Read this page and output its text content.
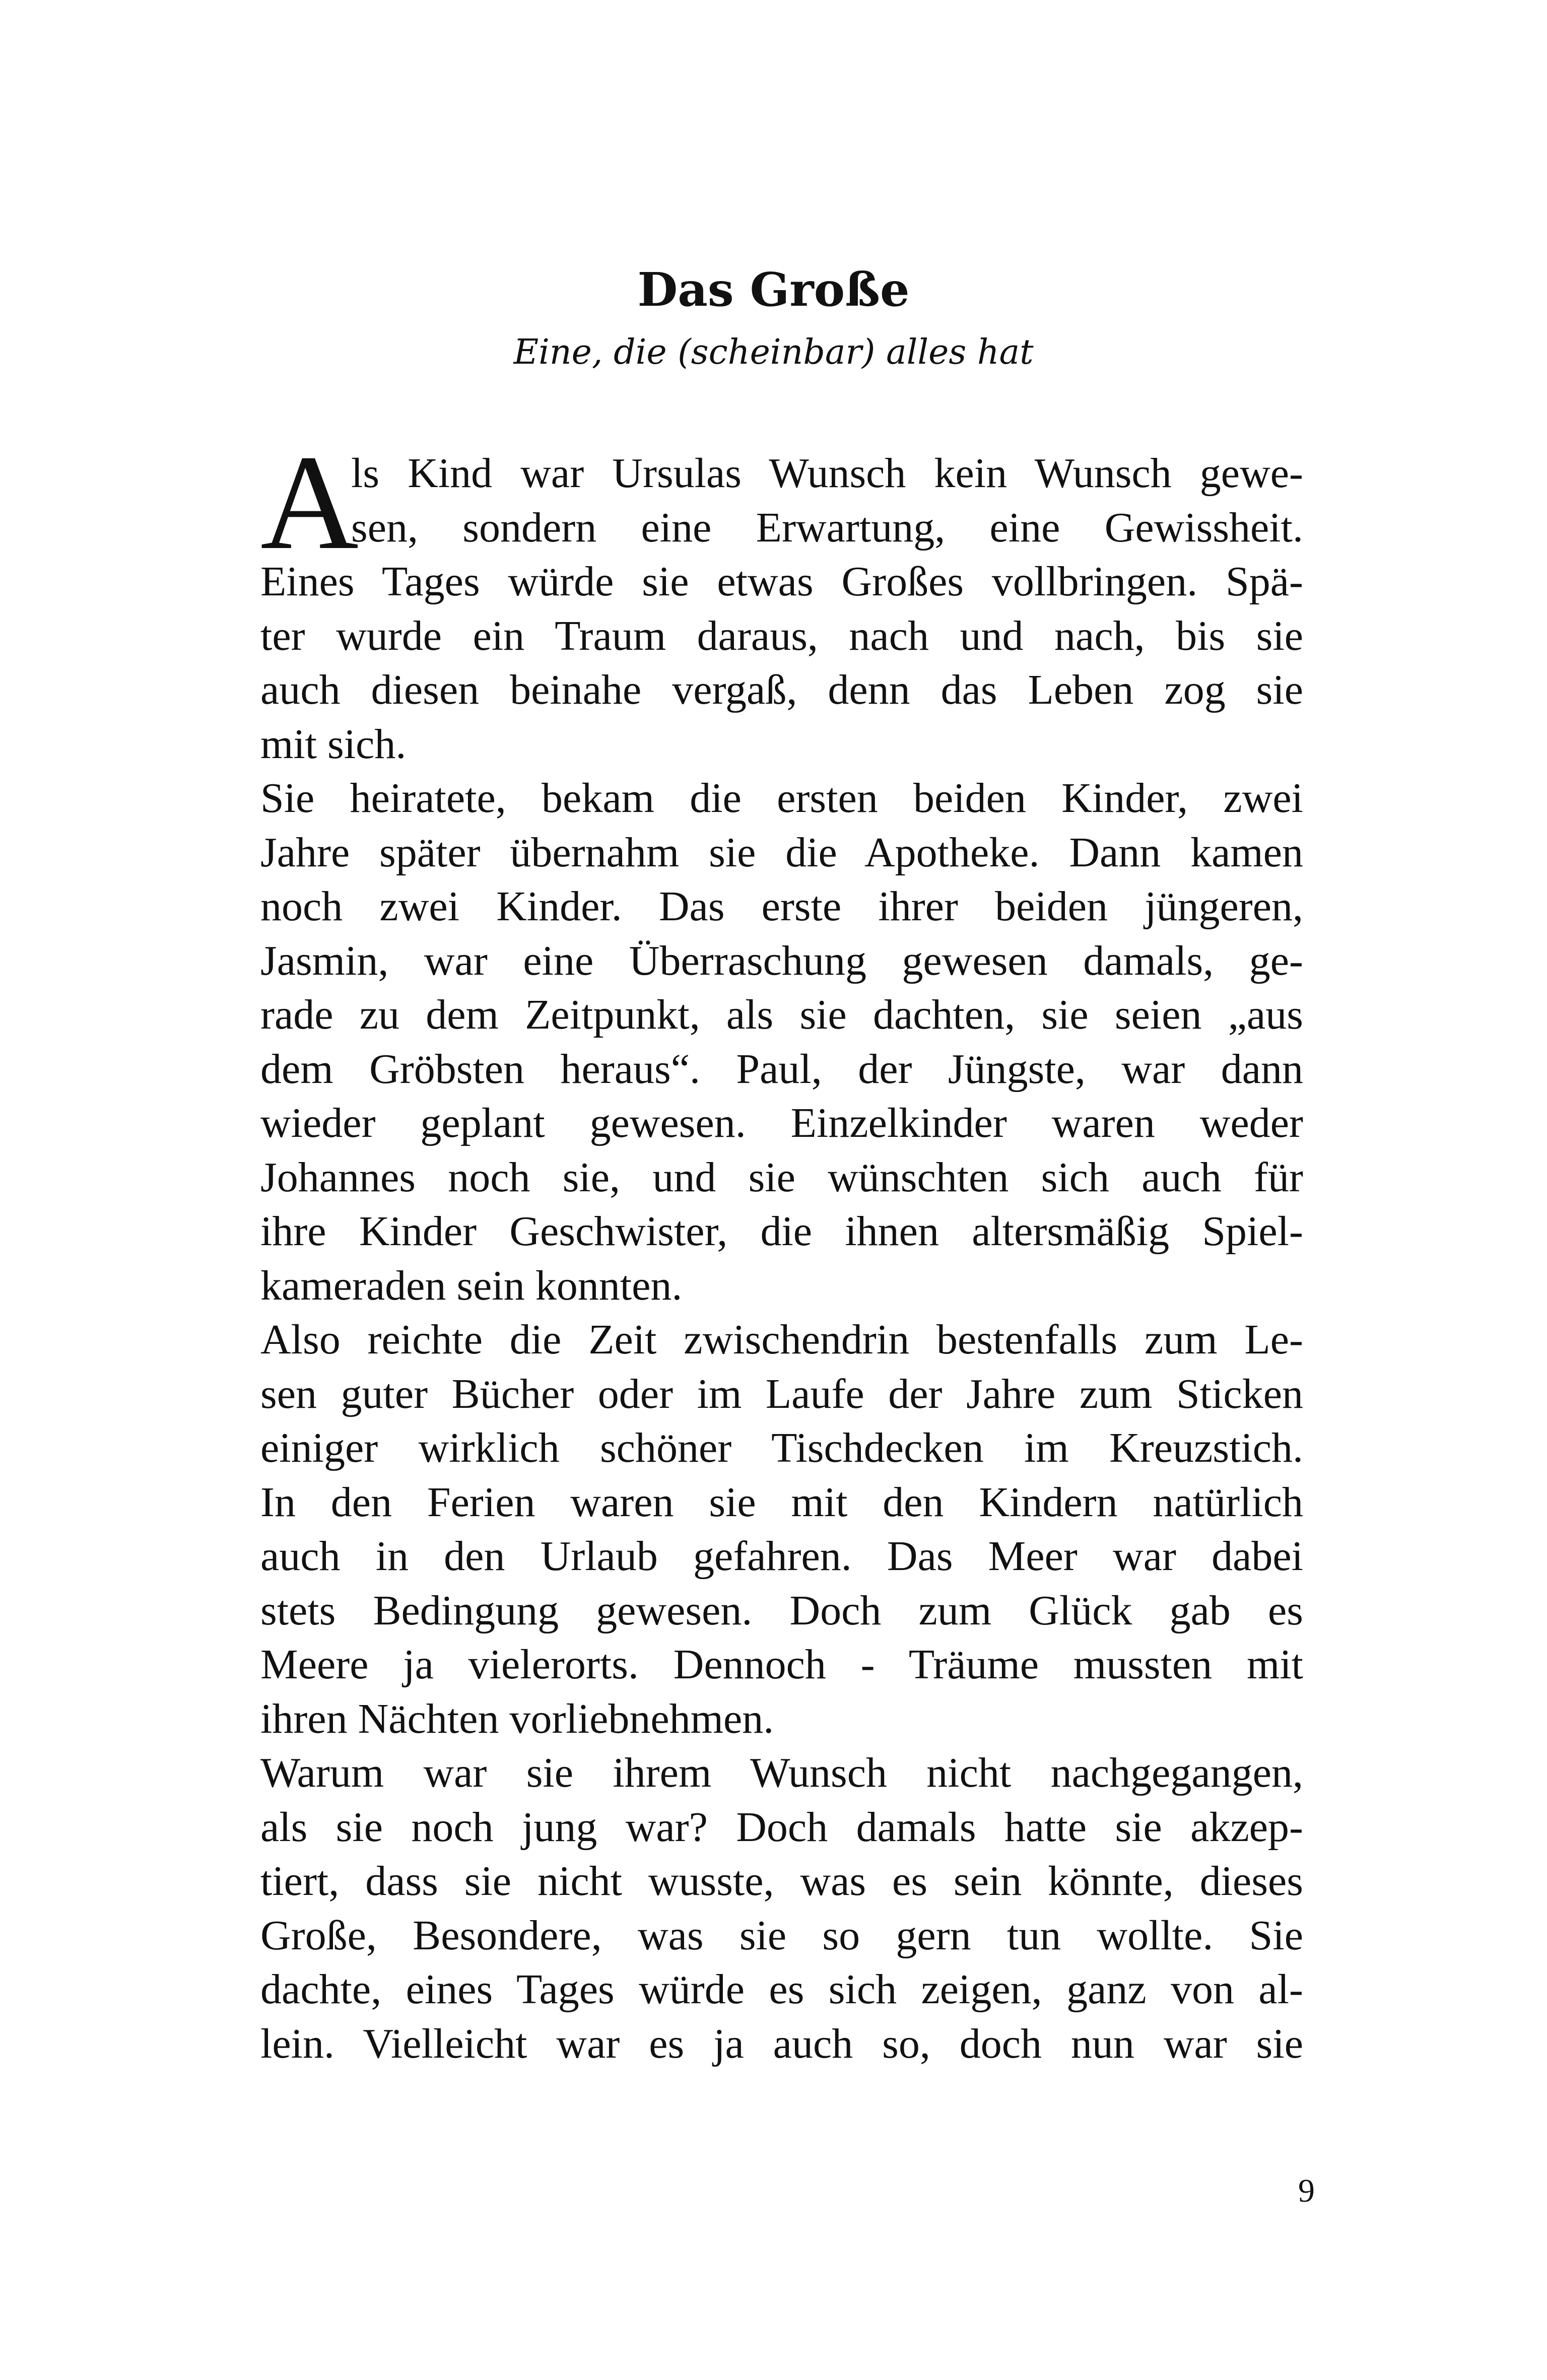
Das Große
Eine, die (scheinbar) alles hat
A
ls Kind war Ursulas Wunsch kein Wunsch gewe-
sen, sondern eine Erwartung, eine Gewissheit.
Eines Tages würde sie etwas Großes vollbringen. Spä-
ter wurde ein Traum daraus, nach und nach, bis sie
auch diesen beinahe vergaß, denn das Leben zog sie
mit sich.
Sie heiratete, bekam die ersten beiden Kinder, zwei
Jahre später übernahm sie die Apotheke. Dann kamen
noch zwei Kinder. Das erste ihrer beiden jüngeren,
Jasmin, war eine Überraschung gewesen damals, ge-
rade zu dem Zeitpunkt, als sie dachten, sie seien „aus
dem Gröbsten heraus“. Paul, der Jüngste, war dann
wieder geplant gewesen. Einzelkinder waren weder
Johannes noch sie, und sie wünschten sich auch für
ihre Kinder Geschwister, die ihnen altersmäßig Spiel-
kameraden sein konnten.
Also reichte die Zeit zwischendrin bestenfalls zum Le-
sen guter Bücher oder im Laufe der Jahre zum Sticken
einiger wirklich schöner Tischdecken im Kreuzstich.
In den Ferien waren sie mit den Kindern natürlich
auch in den Urlaub gefahren. Das Meer war dabei
stets Bedingung gewesen. Doch zum Glück gab es
Meere ja vielerorts. Dennoch - Träume mussten mit
ihren Nächten vorliebnehmen.
Warum war sie ihrem Wunsch nicht nachgegangen,
als sie noch jung war? Doch damals hatte sie akzep-
tiert, dass sie nicht wusste, was es sein könnte, dieses
Große, Besondere, was sie so gern tun wollte. Sie
dachte, eines Tages würde es sich zeigen, ganz von al-
lein. Vielleicht war es ja auch so, doch nun war sie
9
